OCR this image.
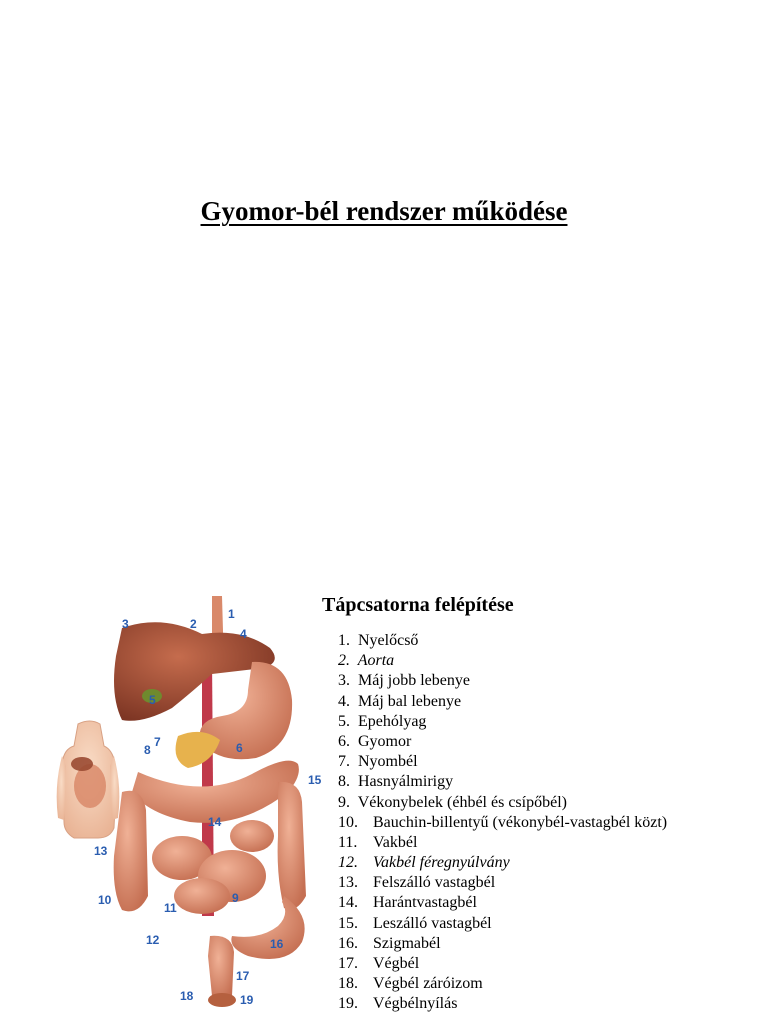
Gyomor-bél rendszer működése
1
2
3
4
5
6
7
8
9
10
11
12
13
14
15
16
17
18	19
Tápcsatorna felépítése
1. Nyelőcső
2. Aorta
3. Máj jobb lebenye
4. Máj bal lebenye
5. Epehólyag
6. Gyomor
7. Nyombél
8. Hasnyálmirigy
9. Vékonybelek (éhbél és csípőbél)
10. Bauchin-billentyű (vékonybél-vastagbél közt)
11. Vakbél
12. Vakbél féregnyúlvány
13. Felszálló vastagbél
14. Harántvastagbél
15. Leszálló vastagbél
16. Szigmabél
17. Végbél
18. Végbél záróizom
19. Végbélnyílás
